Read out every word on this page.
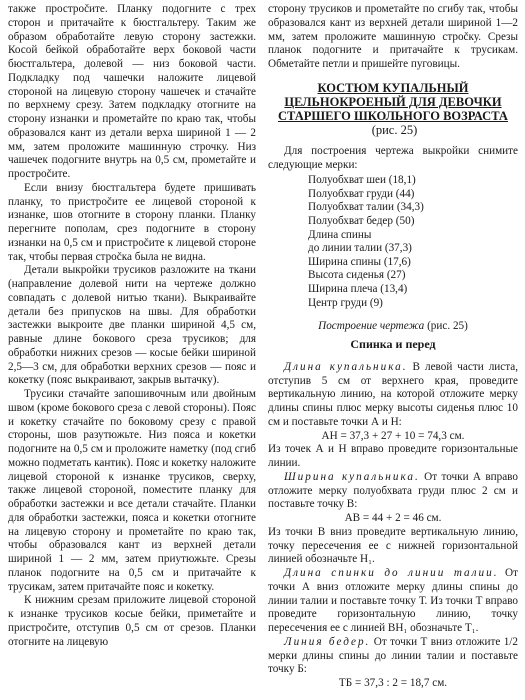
также простроčите. Планку подогните с трех сторон и притачайте к бюстгальтеру. Таким же образом обработайте левую сторону застежки. Косой бейкой обработайте верх боковой части бюстгальтера, долевой — низ боковой части. Подкладку под чашечки наложите лицевой стороной на лицевую сторону чашечек и стачайте по верхнему срезу. Затем подкладку отогните на сторону изнанки и прометайте по краю так, чтобы образовался кант из детали верха шириной 1 — 2 мм, затем проложите машинную строчку. Низ чашечек подогните внутрь на 0,5 см, прометайте и простроčите.

Если внизу бюстгальтера будете пришивать планку, то пристроčите ее лицевой стороной к изнанке, шов отогните в сторону планки. Планку перегните пополам, срез подогните в сторону изнанки на 0,5 см и пристроčите к лицевой стороне так, чтобы первая строčка была не видна.

Детали выкройки трусиков разложите на ткани (направление долевой нити на чертеже должно совпадать с долевой нитью ткани). Выкраивайте детали без припусков на швы. Для обработки застежки выкроите две планки шириной 4,5 см, равные длине бокового среза трусиков; для обработки нижних срезов — косые бейки шириной 2,5—3 см, для обработки верхних срезов — пояс и кокетку (пояс выкраивают, закрыв вытачку).

Трусики стачайте запошивочным или двойным швом (кроме бокового среза с левой стороны). Пояс и кокетку стачайте по боковому срезу с правой стороны, шов разутюжьте. Низ пояса и кокетки подогните на 0,5 см и проложите наметку (под сгиб можно подметать кантик). Пояс и кокетку наложите лицевой стороной к изнанке трусиков, сверху, также лицевой стороной, поместите планку для обработки застежки и все детали стачайте. Планки для обработки застежки, пояса и кокетки отогните на лицевую сторону и прометайте по краю так, чтобы образовался кант из верхней детали шириной 1 — 2 мм, затем приутюжьте. Срезы планок подогните на 0,5 см и притачайте к трусикам, затем притачайте пояс и кокетку.

К нижним срезам приложите лицевой стороной к изнанке трусиков косые бейки, приметайте и пристроčите, отступив 0,5 см от срезов. Планки отогните на лицевую

сторону трусиков и прометайте по сгибу так, чтобы образовался кант из верхней детали шириной 1—2 мм, затем проложите машинную строčку. Срезы планок подогните и притачайте к трусикам. Обметайте петли и пришейте пуговицы.

КОСТЮМ КУПАЛЬНЫЙ ЦЕЛЬНОКРОЕНЫЙ ДЛЯ ДЕВОЧКИ СТАРШЕГО ШКОЛЬНОГО ВОЗРАСТА (рис. 25)

Для построения чертежа выкройки снимите следующие мерки:

Полуобхват шеи (18,1)
Полуобхват груди (44)
Полуобхват талии (34,3)
Полуобхват бедер (50)
Длина спины
до линии талии (37,3)
Ширина спины (17,6)
Высота сиденья (27)
Ширина плеча (13,4)
Центр груди (9)
Построение чертежа (рис. 25)
Спинка и перед

Длина купальника. В левой части листа, отступив 5 см от верхнего края, проведите вертикальную линию, на которой отложите мерку длины спины плюс мерку высоты сиденья плюс 10 см и поставьте точки А и Н:

АН = 37,3 + 27 + 10 = 74,3 см.

Из точек А и Н вправо проведите горизонтальные линии.

Ширина купальника. От точки А вправо отложите мерку полуобхвата груди плюс 2 см и поставьте точку В:

АВ = 44 + 2 = 46 см.

Из точки В вниз проведите вертикальную линию, точку пересечения ее с нижней горизонтальной линией обозначьте Н₁.

Длина спинки до линии талии. От точки А вниз отложите мерку длины спины до линии талии и поставьте точку Т. Из точки Т вправо проведите горизонтальную линию, точку пересечения ее с линией ВН₁ обозначьте Т₁.

Линия бедер. От точки Т вниз отложите 1/2 мерки длины спины до линии талии и поставьте точку Б:

ТБ = 37,3 : 2 = 18,7 см.
